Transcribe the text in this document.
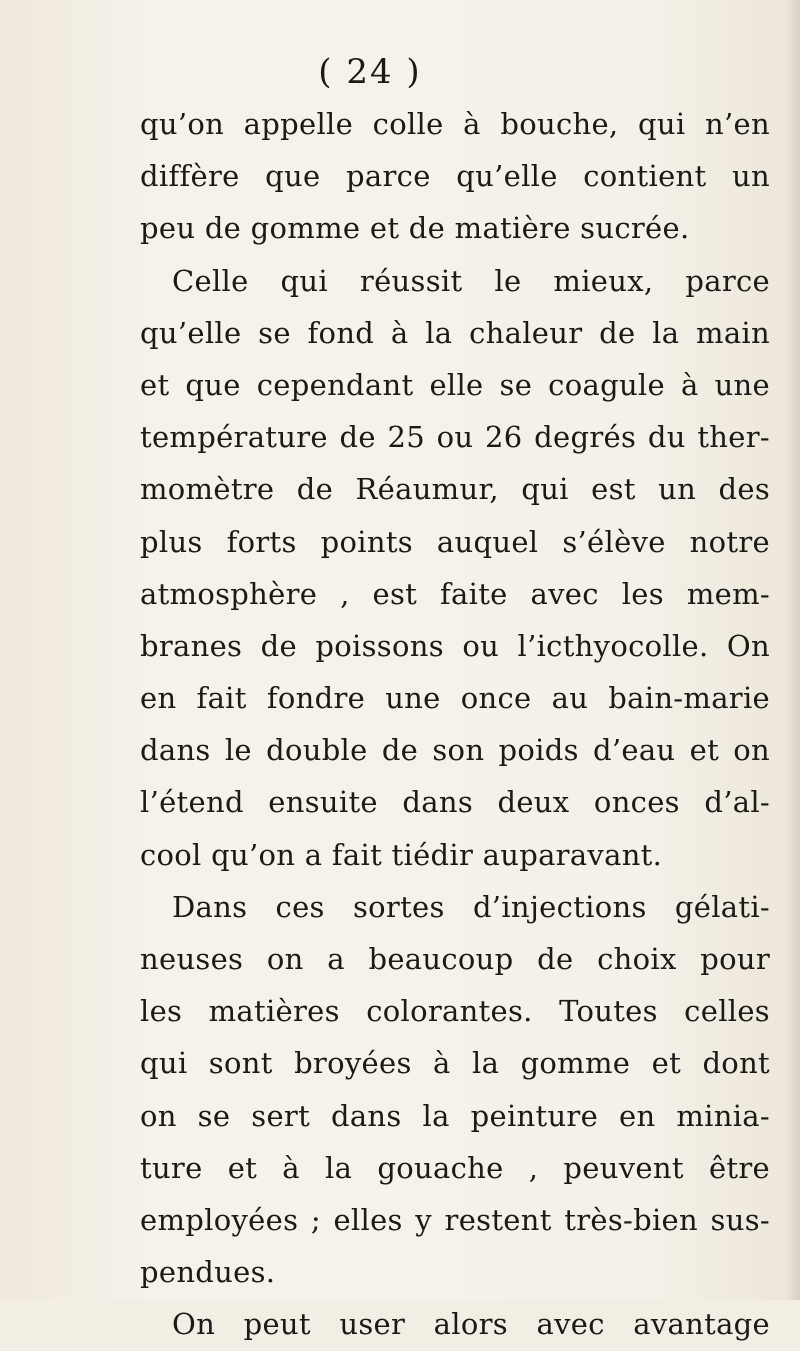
( 24 )
qu’on appelle colle à bouche, qui n’en
diffère que parce qu’elle contient un
peu de gomme et de matière sucrée.
Celle qui réussit le mieux, parce
qu’elle se fond à la chaleur de la main
et que cependant elle se coagule à une
température de 25 ou 26 degrés du ther-
momètre de Réaumur, qui est un des
plus forts points auquel s’élève notre
atmosphère , est faite avec les mem-
branes de poissons ou l’icthyocolle. On
en fait fondre une once au bain-marie
dans le double de son poids d’eau et on
l’étend ensuite dans deux onces d’al-
cool qu’on a fait tiédir auparavant.
Dans ces sortes d’injections gélati-
neuses on a beaucoup de choix pour
les matières colorantes. Toutes celles
qui sont broyées à la gomme et dont
on se sert dans la peinture en minia-
ture et à la gouache , peuvent être
employées ; elles y restent très-bien sus-
pendues.
On peut user alors avec avantage
